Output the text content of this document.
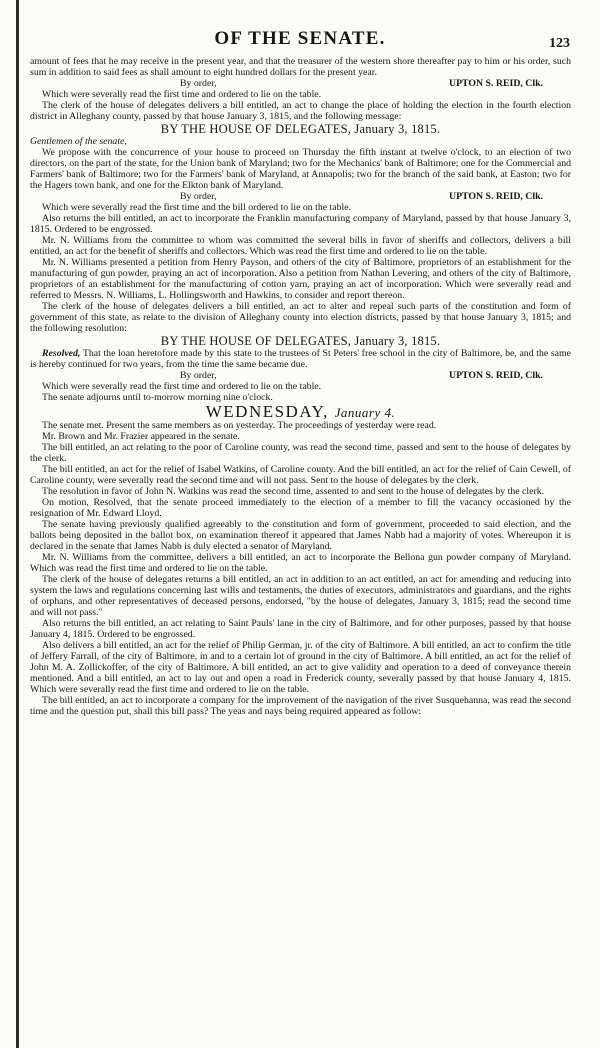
OF THE SENATE.	123

amount of fees that he may receive in the present year, and that the treasurer of the western shore thereafter pay to him or his order, such sum in addition to said fees as shall amount to eight hundred dollars for the present year.

By order,	UPTON S. REID, Clk.

Which were severally read the first time and ordered to lie on the table.

The clerk of the house of delegates delivers a bill entitled, an act to change the place of holding the election in the fourth election district in Alleghany county, passed by that house January 3, 1815, and the following message:

BY THE HOUSE OF DELEGATES, January 3, 1815.

Gentlemen of the senate,

We propose with the concurrence of your house to proceed on Thursday the fifth instant at twelve o'clock, to an election of two directors, on the part of the state, for the Union bank of Maryland; two for the Mechanics' bank of Baltimore; one for the Commercial and Farmers' bank of Baltimore; two for the Farmers' bank of Maryland, at Annapolis; two for the branch of the said bank, at Easton; two for the Hagers town bank, and one for the Elkton bank of Maryland.

By order,	UPTON S. REID, Clk.

Which were severally read the first time and the bill ordered to lie on the table.

Also returns the bill entitled, an act to incorporate the Franklin manufacturing company of Maryland, passed by that house January 3, 1815. Ordered to be engrossed.

Mr. N. Williams from the committee to whom was committed the several bills in favor of sheriffs and collectors, delivers a bill entitled, an act for the benefit of sheriffs and collectors. Which was read the first time and ordered to lie on the table.

Mr. N. Williams presented a petition from Henry Payson, and others of the city of Baltimore, proprietors of an establishment for the manufacturing of gun powder, praying an act of incorporation. Also a petition from Nathan Levering, and others of the city of Baltimore, proprietors of an establishment for the manufacturing of cotton yarn, praying an act of incorporation. Which were severally read and referred to Messrs. N. Williams, L. Hollingsworth and Hawkins, to consider and report thereon.

The clerk of the house of delegates delivers a bill entitled, an act to alter and repeal such parts of the constitution and form of government of this state, as relate to the division of Alleghany county into election districts, passed by that house January 3, 1815; and the following resolution:

BY THE HOUSE OF DELEGATES, January 3, 1815.

Resolved, That the loan heretofore made by this state to the trustees of St Peters' free school in the city of Baltimore, be, and the same is hereby continued for two years, from the time the same became due.

By order,	UPTON S. REID, Clk.

Which were severally read the first time and ordered to lie on the table.

The senate adjourns until to-morrow morning nine o'clock.

WEDNESDAY, January 4.

The senate met. Present the same members as on yesterday. The proceedings of yesterday were read.

Mr. Brown and Mr. Frazier appeared in the senate.

The bill entitled, an act relating to the poor of Caroline county, was read the second time, passed and sent to the house of delegates by the clerk.

The bill entitled, an act for the relief of Isabel Watkins, of Caroline county. And the bill entitled, an act for the relief of Cain Cewell, of Caroline county, were severally read the second time and will not pass. Sent to the house of delegates by the clerk.

The resolution in favor of John N. Watkins was read the second time, assented to and sent to the house of delegates by the clerk.

On motion, Resolved, that the senate proceed immediately to the election of a member to fill the vacancy occasioned by the resignation of Mr. Edward Lloyd.

The senate having previously qualified agreeably to the constitution and form of government, proceeded to said election, and the ballots being deposited in the ballot box, on examination thereof it appeared that James Nabb had a majority of votes. Whereupon it is declared in the senate that James Nabb is duly elected a senator of Maryland.

Mr. N. Williams from the committee, delivers a bill entitled, an act to incorporate the Bellona gun powder company of Maryland. Which was read the first time and ordered to lie on the table.

The clerk of the house of delegates returns a bill entitled, an act in addition to an act entitled, an act for amending and reducing into system the laws and regulations concerning last wills and testaments, the duties of executors, administrators and guardians, and the rights of orphans, and other representatives of deceased persons, endorsed, "by the house of delegates, January 3, 1815; read the second time and will not pass."

Also returns the bill entitled, an act relating to Saint Pauls' lane in the city of Baltimore, and for other purposes, passed by that house January 4, 1815. Ordered to be engrossed.

Also delivers a bill entitled, an act for the relief of Philip German, jr. of the city of Baltimore. A bill entitled, an act to confirm the title of Jeffery Farrall, of the city of Baltimore, in and to a certain lot of ground in the city of Baltimore. A bill entitled, an act for the relief of John M. A. Zollickoffer, of the city of Baltimore. A bill entitled, an act to give validity and operation to a deed of conveyance therein mentioned. And a bill entitled, an act to lay out and open a road in Frederick county, severally passed by that house January 4, 1815. Which were severally read the first time and ordered to lie on the table.

The bill entitled, an act to incorporate a company for the improvement of the navigation of the river Susquehanna, was read the second time and the question put, shall this bill pass? The yeas and nays being required appeared as follow:
